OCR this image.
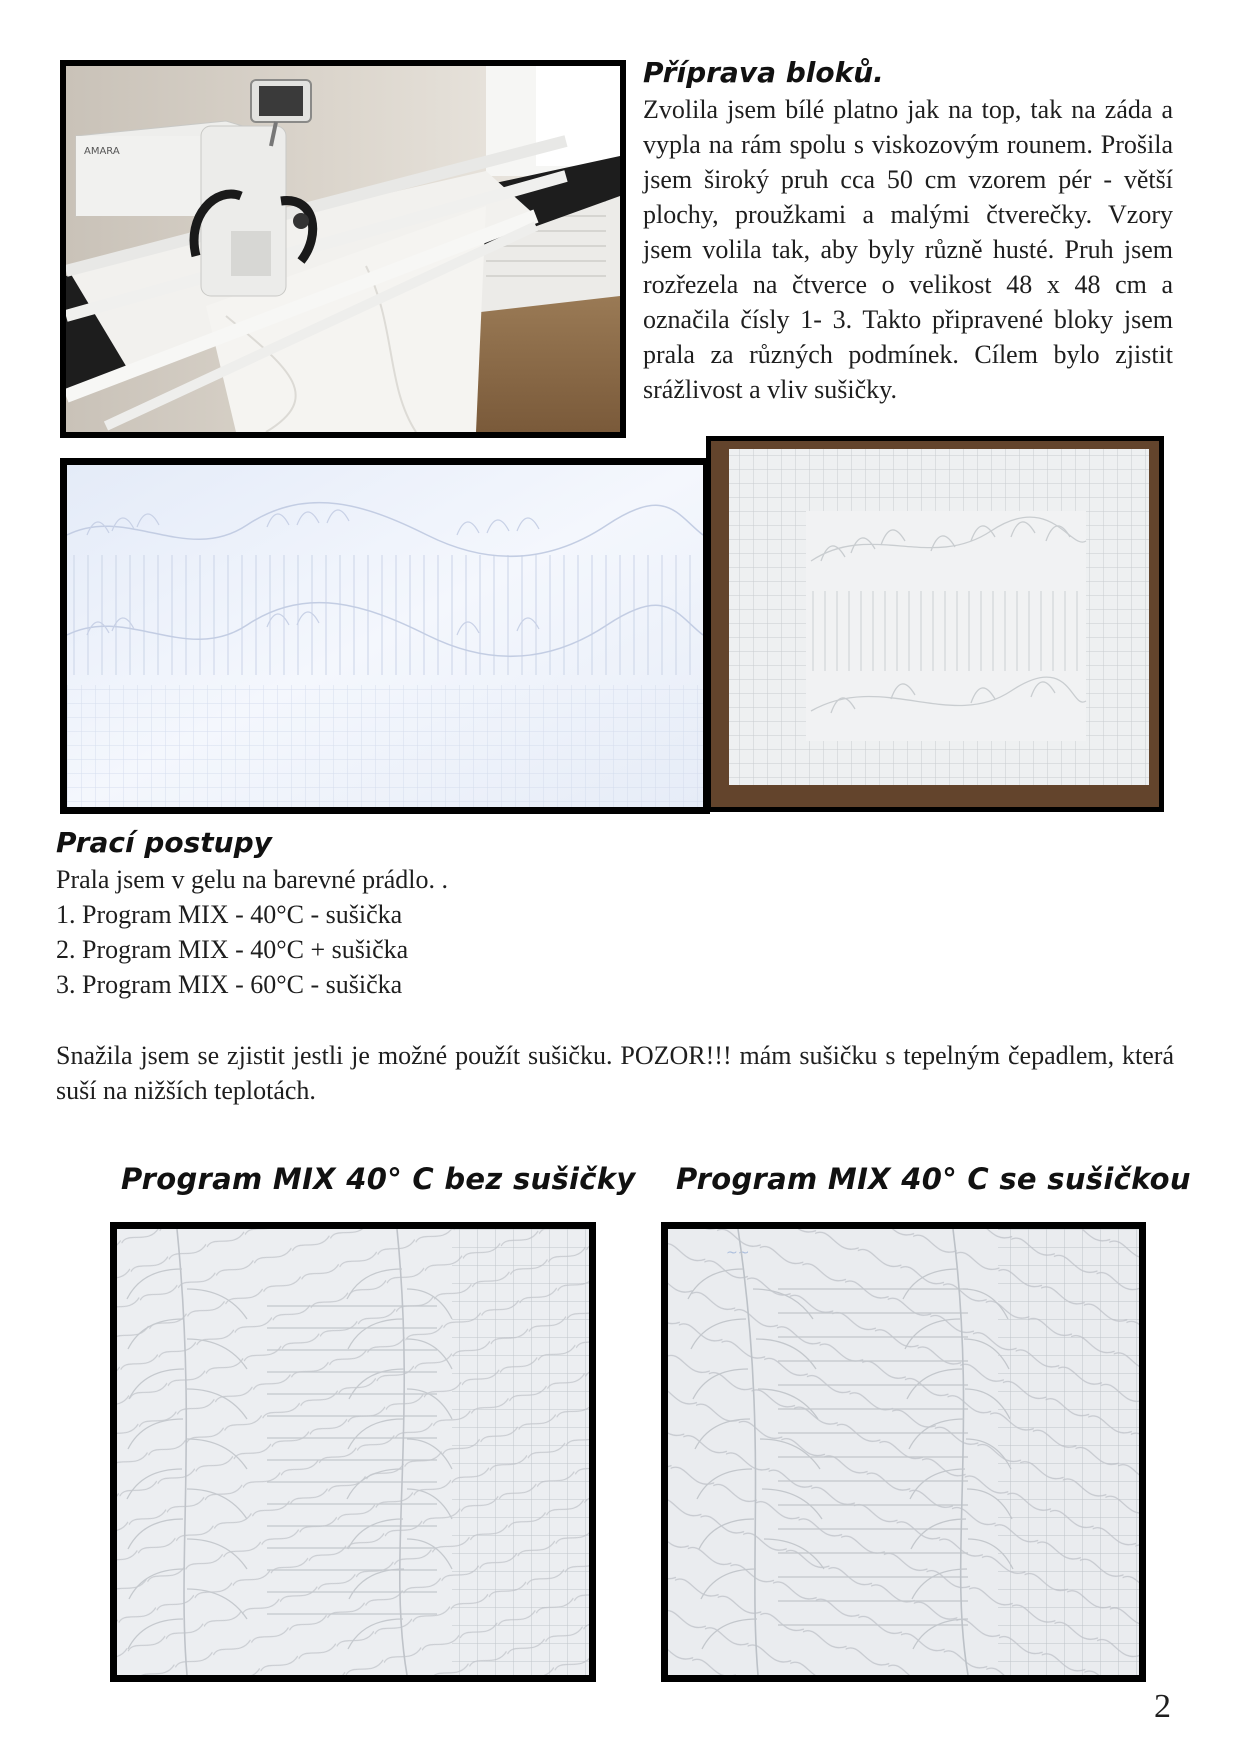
AMARA
Příprava bloků.
Zvolila jsem bílé platno jak na top, tak na záda a vypla na rám spolu s viskozovým rounem. Prošila jsem široký pruh cca 50 cm vzorem pér - větší plochy, proužkami a malými čtverečky. Vzory jsem volila tak, aby byly různě husté. Pruh jsem rozřezela na čtverce o velikost 48 x 48 cm a označila čísly 1- 3. Takto připravené bloky jsem prala za různých podmínek. Cílem bylo zjistit srážlivost a vliv sušičky.
Prací postupy
Prala jsem v gelu na barevné prádlo. .
1. Program MIX - 40°C - sušička
2. Program MIX - 40°C + sušička
3. Program MIX - 60°C - sušička
Snažila jsem se zjistit jestli je možné použít sušičku. POZOR!!! mám sušičku s tepelným čepadlem, která suší na nižších teplotách.
Program MIX 40° C bez sušičky Program MIX 40° C se sušičkou
~~
2
